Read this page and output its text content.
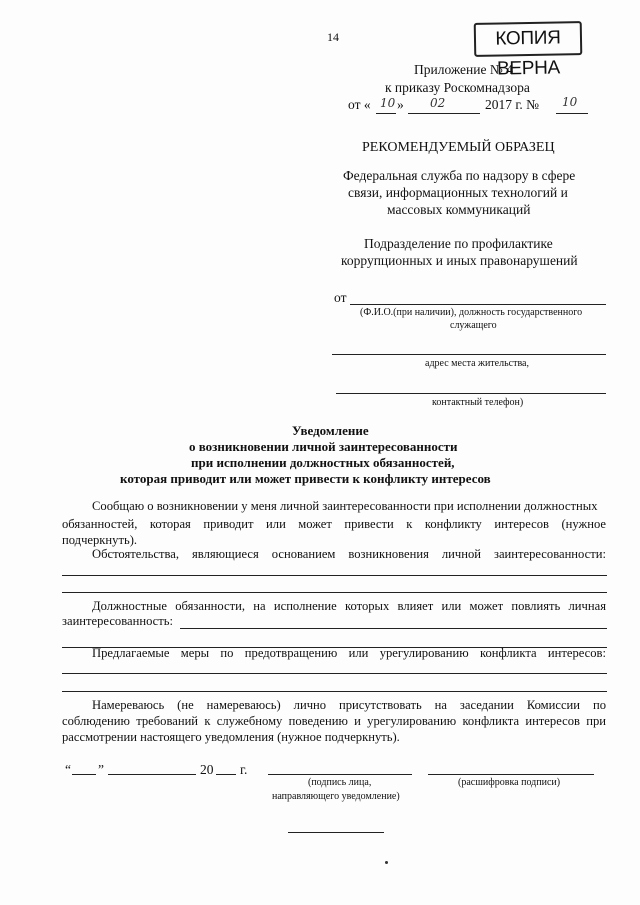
14	КОПИЯ ВЕРНА
Приложение № 4
к приказу Роскомнадзора
от « 10 » 02	2017 г. № 10
РЕКОМЕНДУЕМЫЙ ОБРАЗЕЦ
Федеральная служба по надзору в сфере
связи, информационных технологий и
массовых коммуникаций
Подразделение по профилактике
коррупционных и иных правонарушений
от
(Ф.И.О.(при наличии), должность государственного
служащего
адрес места жительства,
контактный телефон)
Уведомление
о возникновении личной заинтересованности
при исполнении должностных обязанностей,
которая приводит или может привести к конфликту интересов
Сообщаю о возникновении у меня личной заинтересованности при исполнении должностных
обязанностей, которая приводит или может привести к конфликту интересов (нужное
подчеркнуть).
Обстоятельства, являющиеся основанием возникновения личной заинтересованности:
Должностные обязанности, на исполнение которых влияет или может повлиять личная
заинтересованность:
Предлагаемые меры по предотвращению или урегулированию конфликта интересов:
Намереваюсь (не намереваюсь) лично присутствовать на заседании Комиссии по
соблюдению требований к служебному поведению и урегулированию конфликта интересов при
рассмотрении настоящего уведомления (нужное подчеркнуть).
“ ”	20 г.
(подпись лица,
направляющего уведомление)
(расшифровка подписи)
